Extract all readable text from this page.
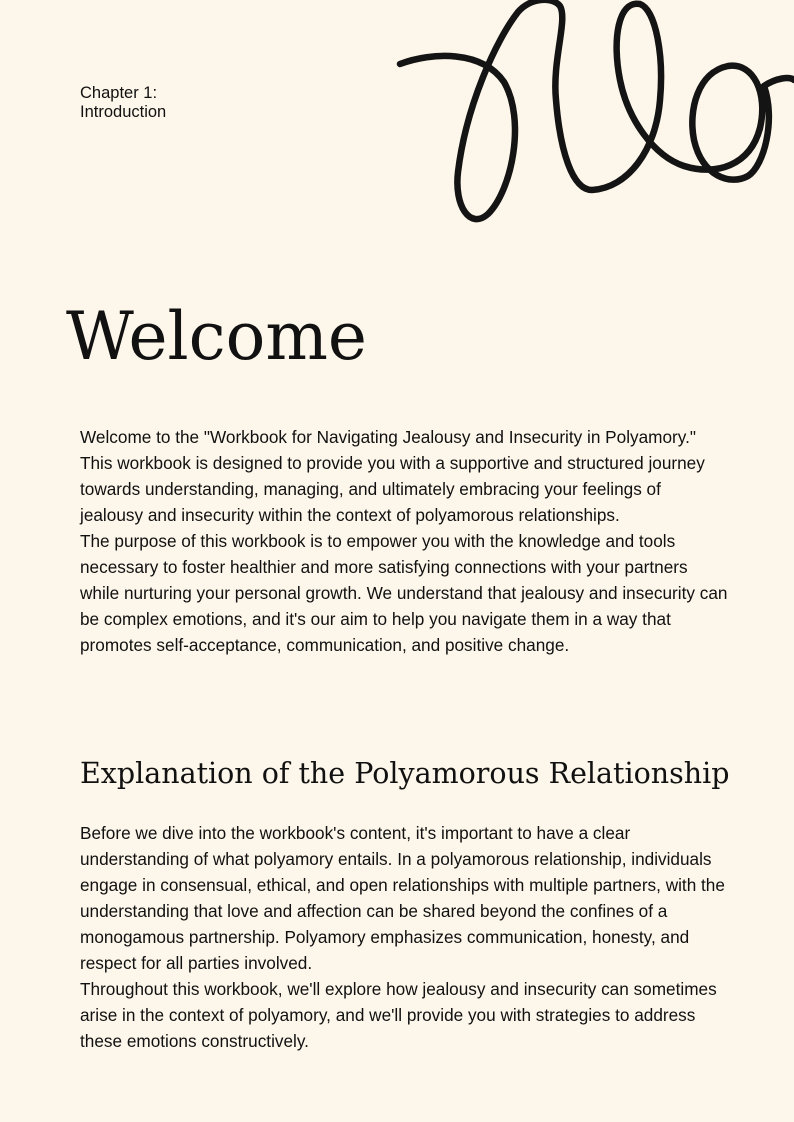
Chapter 1:
Introduction
Welcome

Welcome to the "Workbook for Navigating Jealousy and Insecurity in Polyamory." This workbook is designed to provide you with a supportive and structured journey towards understanding, managing, and ultimately embracing your feelings of jealousy and insecurity within the context of polyamorous relationships.

The purpose of this workbook is to empower you with the knowledge and tools necessary to foster healthier and more satisfying connections with your partners while nurturing your personal growth. We understand that jealousy and insecurity can be complex emotions, and it's our aim to help you navigate them in a way that promotes self-acceptance, communication, and positive change.

Explanation of the Polyamorous Relationship

Before we dive into the workbook's content, it's important to have a clear understanding of what polyamory entails. In a polyamorous relationship, individuals engage in consensual, ethical, and open relationships with multiple partners, with the understanding that love and affection can be shared beyond the confines of a monogamous partnership. Polyamory emphasizes communication, honesty, and respect for all parties involved.

Throughout this workbook, we'll explore how jealousy and insecurity can sometimes arise in the context of polyamory, and we'll provide you with strategies to address these emotions constructively.
